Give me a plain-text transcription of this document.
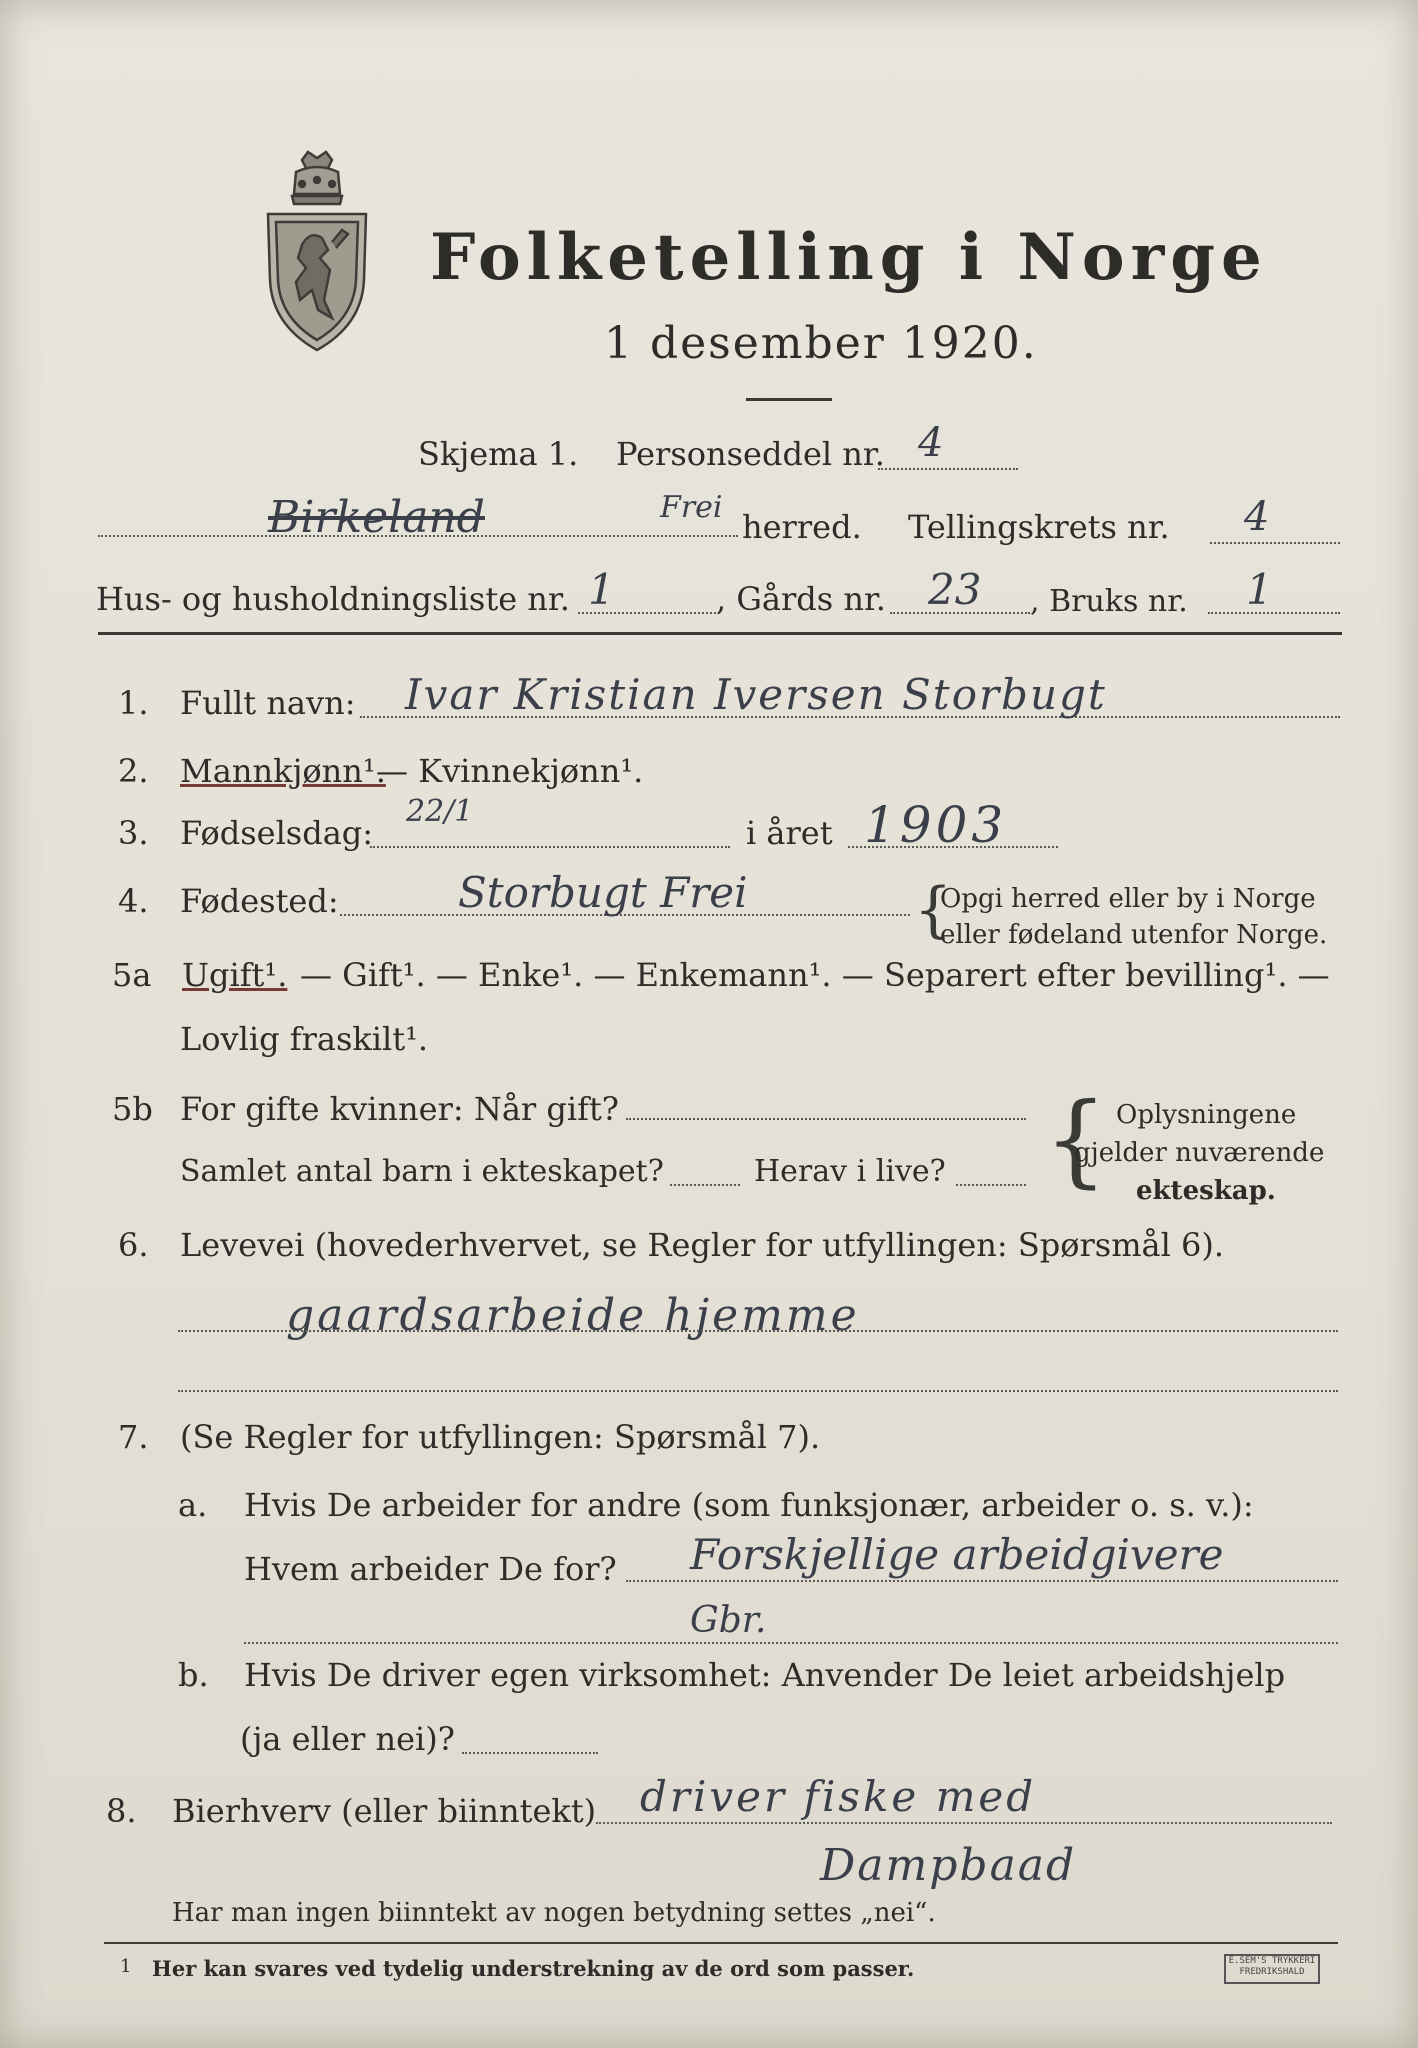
Folketelling i Norge
1 desember 1920.
Skjema 1. Personseddel nr. 4
Birkeland	Frei
herred. Tellingskrets nr. 4
Hus- og husholdningsliste nr. 1	, Gårds nr. 23 , Bruks nr. 1
1. Fullt navn: Ivar Kristian Iversen Storbugt
2. Mannkjønn¹.
— Kvinnekjønn¹.
3. Fødselsdag:
22/1
i året 1903
4. Fødested:	Storbugt Frei	{
Opgi herred eller by i Norge
eller fødeland utenfor Norge.
5a Ugift¹. — Gift¹. — Enke¹. — Enkemann¹. — Separert efter bevilling¹. —
Lovlig fraskilt¹.
5b For gifte kvinner: Når gift?
Samlet antal barn i ekteskapet?	Herav i live? { Oplysningene
gjelder nuværende
ekteskap.
6. Levevei (hovederhvervet, se Regler for utfyllingen: Spørsmål 6).
gaardsarbeide hjemme
7. (Se Regler for utfyllingen: Spørsmål 7).
a. Hvis De arbeider for andre (som funksjonær, arbeider o. s. v.):
Hvem arbeider De for? Forskjellige arbeidgivere
Gbr.
b. Hvis De driver egen virksomhet: Anvender De leiet arbeidshjelp
(ja eller nei)?
8. Bierhverv (eller biinntekt) driver fiske med
Dampbaad
Har man ingen biinntekt av nogen betydning settes „nei“.
1 Her kan svares ved tydelig understrekning av de ord som passer.	E.SEM'S TRYKKERI
FREDRIKSHALD
